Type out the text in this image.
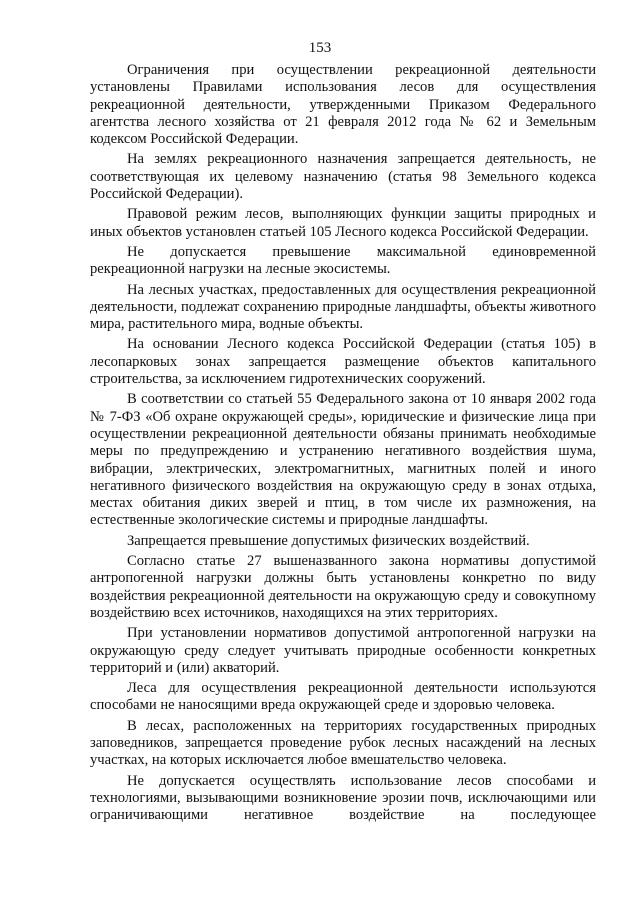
153

Ограничения при осуществлении рекреационной деятельности установлены Правилами использования лесов для осуществления рекреационной деятельности, утвержденными Приказом Федерального агентства лесного хозяйства от 21 февраля 2012 года № 62 и Земельным кодексом Российской Федерации.

На землях рекреационного назначения запрещается деятельность, не соответствующая их целевому назначению (статья 98 Земельного кодекса Российской Федерации).

Правовой режим лесов, выполняющих функции защиты природных и иных объектов установлен статьей 105 Лесного кодекса Российской Федерации.

Не допускается превышение максимальной единовременной рекреационной нагрузки на лесные экосистемы.

На лесных участках, предоставленных для осуществления рекреационной деятельности, подлежат сохранению природные ландшафты, объекты животного мира, растительного мира, водные объекты.

На основании Лесного кодекса Российской Федерации (статья 105) в лесопарковых зонах запрещается размещение объектов капитального строительства, за исключением гидротехнических сооружений.

В соответствии со статьей 55 Федерального закона от 10 января 2002 года № 7-ФЗ «Об охране окружающей среды», юридические и физические лица при осуществлении рекреационной деятельности обязаны принимать необходимые меры по предупреждению и устранению негативного воздействия шума, вибрации, электрических, электромагнитных, магнитных полей и иного негативного физического воздействия на окружающую среду в зонах отдыха, местах обитания диких зверей и птиц, в том числе их размножения, на естественные экологические системы и природные ландшафты.

Запрещается превышение допустимых физических воздействий.

Согласно статье 27 вышеназванного закона нормативы допустимой антропогенной нагрузки должны быть установлены конкретно по виду воздействия рекреационной деятельности на окружающую среду и совокупному воздействию всех источников, находящихся на этих территориях.

При установлении нормативов допустимой антропогенной нагрузки на окружающую среду следует учитывать природные особенности конкретных территорий и (или) акваторий.

Леса для осуществления рекреационной деятельности используются способами не наносящими вреда окружающей среде и здоровью человека.

В лесах, расположенных на территориях государственных природных заповедников, запрещается проведение рубок лесных насаждений на лесных участках, на которых исключается любое вмешательство человека.

Не допускается осуществлять использование лесов способами и технологиями, вызывающими возникновение эрозии почв, исключающими или ограничивающими негативное воздействие на последующее
